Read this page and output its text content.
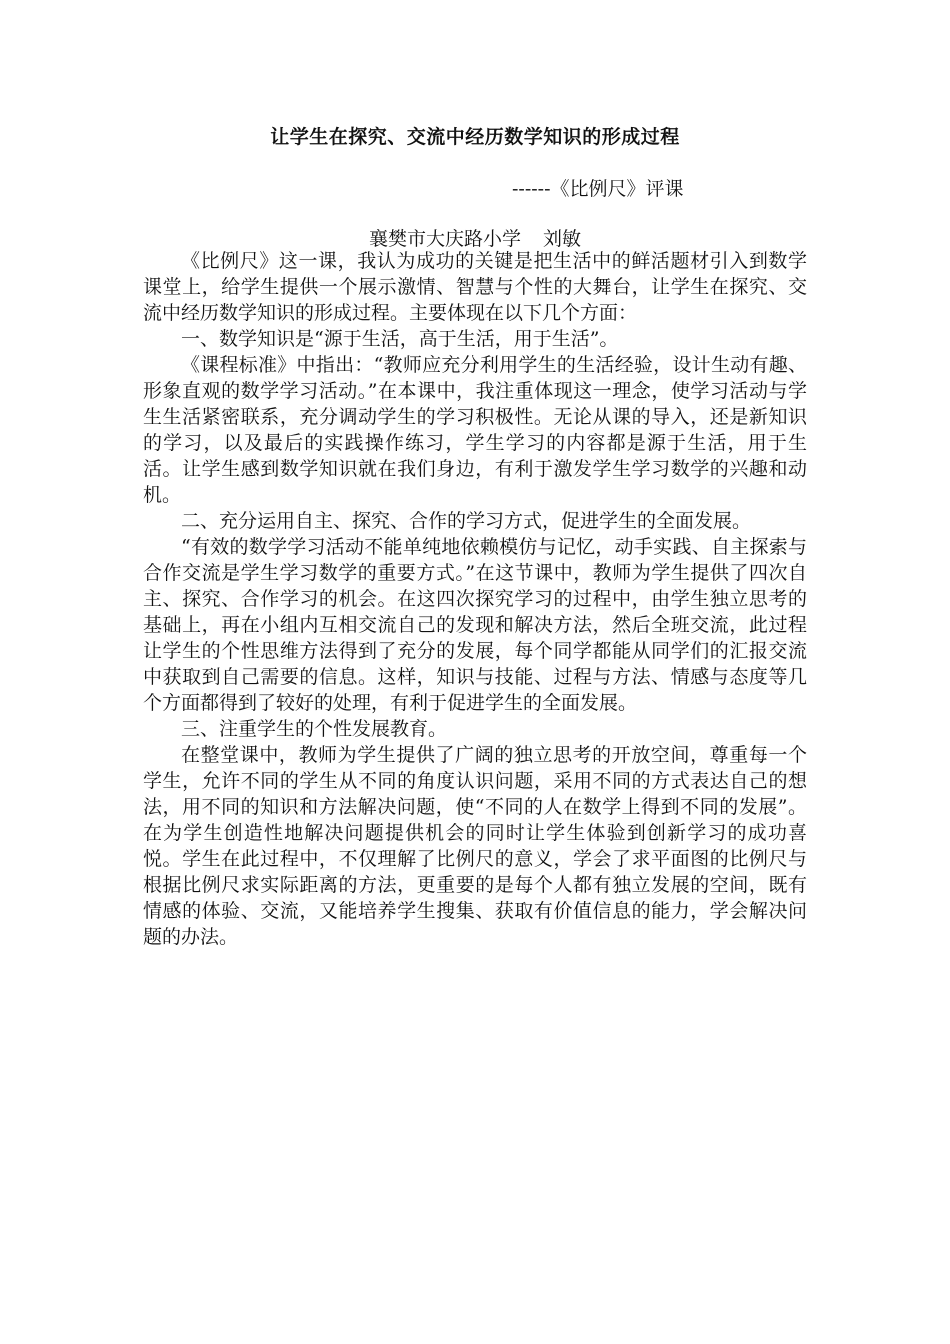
让学生在探究、交流中经历数学知识的形成过程
------《比例尺》评课
襄樊市大庆路小学 刘敏

《比例尺》这一课，我认为成功的关键是把生活中的鲜活题材引入到数学课堂上，给学生提供一个展示激情、智慧与个性的大舞台，让学生在探究、交流中经历数学知识的形成过程。主要体现在以下几个方面：

一、数学知识是“源于生活，高于生活，用于生活”。

《课程标准》中指出：“教师应充分利用学生的生活经验，设计生动有趣、形象直观的数学学习活动。”在本课中，我注重体现这一理念，使学习活动与学生生活紧密联系，充分调动学生的学习积极性。无论从课的导入，还是新知识的学习，以及最后的实践操作练习，学生学习的内容都是源于生活，用于生活。让学生感到数学知识就在我们身边，有利于激发学生学习数学的兴趣和动机。

二、充分运用自主、探究、合作的学习方式，促进学生的全面发展。

“有效的数学学习活动不能单纯地依赖模仿与记忆，动手实践、自主探索与合作交流是学生学习数学的重要方式。”在这节课中，教师为学生提供了四次自主、探究、合作学习的机会。在这四次探究学习的过程中，由学生独立思考的基础上，再在小组内互相交流自己的发现和解决方法，然后全班交流，此过程让学生的个性思维方法得到了充分的发展，每个同学都能从同学们的汇报交流中获取到自己需要的信息。这样，知识与技能、过程与方法、情感与态度等几个方面都得到了较好的处理，有利于促进学生的全面发展。

三、注重学生的个性发展教育。

在整堂课中，教师为学生提供了广阔的独立思考的开放空间，尊重每一个学生，允许不同的学生从不同的角度认识问题，采用不同的方式表达自己的想法，用不同的知识和方法解决问题，使“不同的人在数学上得到不同的发展”。在为学生创造性地解决问题提供机会的同时让学生体验到创新学习的成功喜悦。学生在此过程中，不仅理解了比例尺的意义，学会了求平面图的比例尺与根据比例尺求实际距离的方法，更重要的是每个人都有独立发展的空间，既有情感的体验、交流，又能培养学生搜集、获取有价值信息的能力，学会解决问题的办法。
